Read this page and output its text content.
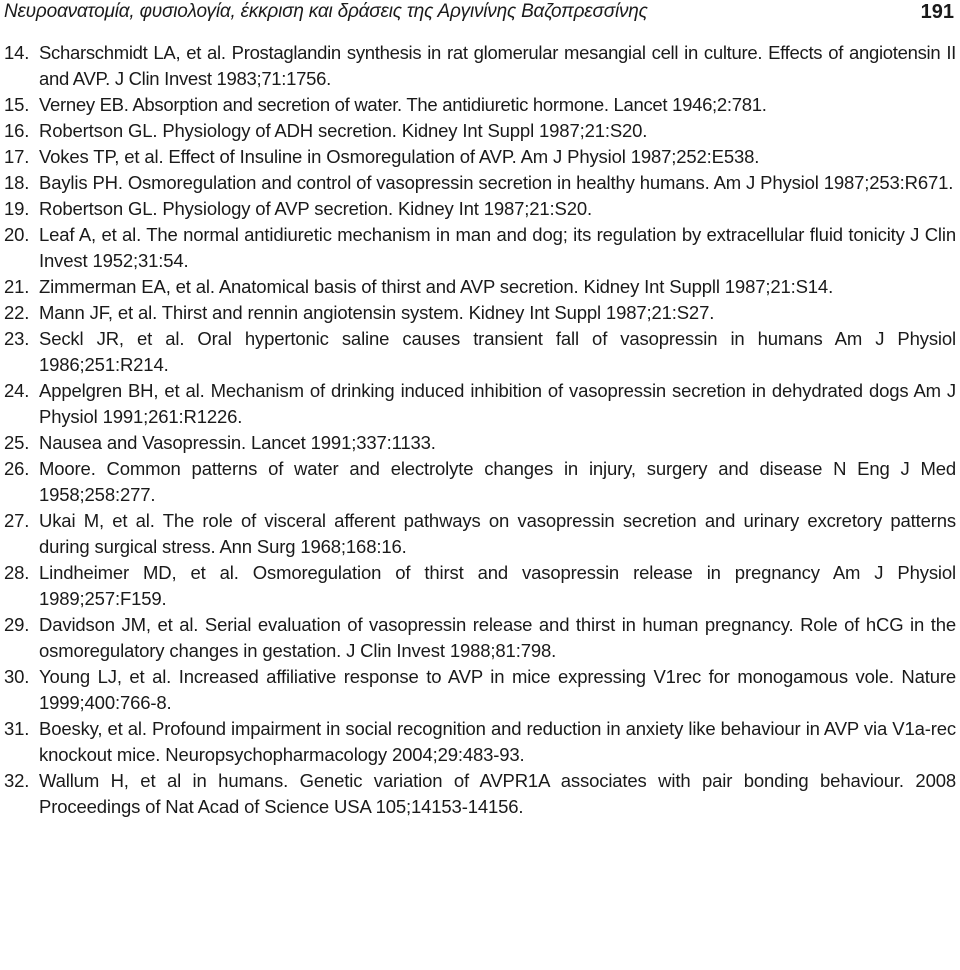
Νευροανατομία, φυσιολογία, έκκριση και δράσεις της Αργινίνης Βαζοπρεσσίνης	191
14. Scharschmidt LA, et al. Prostaglandin synthesis in rat glomerular mesangial cell in culture. Effects of angiotensin II and AVP. J Clin Invest 1983;71:1756.
15. Verney EB. Absorption and secretion of water. The antidiuretic hormone. Lancet 1946;2:781.
16. Robertson GL. Physiology of ADH secretion. Kidney Int Suppl 1987;21:S20.
17. Vokes TP, et al. Effect of Insuline in Osmoregulation of AVP. Am J Physiol 1987;252:E538.
18. Baylis PH. Osmoregulation and control of vasopressin secretion in healthy humans. Am J Physiol 1987;253:R671.
19. Robertson GL. Physiology of AVP secretion. Kidney Int 1987;21:S20.
20. Leaf A, et al. The normal antidiuretic mechanism in man and dog; its regulation by extracellular fluid tonicity J Clin Invest 1952;31:54.
21. Zimmerman EA, et al. Anatomical basis of thirst and AVP secretion. Kidney Int Suppll 1987;21:S14.
22. Mann JF, et al. Thirst and rennin angiotensin system. Kidney Int Suppl 1987;21:S27.
23. Seckl JR, et al. Oral hypertonic saline causes transient fall of vasopressin in humans Am J Physiol 1986;251:R214.
24. Appelgren BH, et al. Mechanism of drinking induced inhibition of vasopressin secretion in dehydrated dogs Am J Physiol 1991;261:R1226.
25. Nausea and Vasopressin. Lancet 1991;337:1133.
26. Moore. Common patterns of water and electrolyte changes in injury, surgery and disease N Eng J Med 1958;258:277.
27. Ukai M, et al. The role of visceral afferent pathways on vasopressin secretion and urinary excretory patterns during surgical stress. Ann Surg 1968;168:16.
28. Lindheimer MD, et al. Osmoregulation of thirst and vasopressin release in pregnancy Am J Physiol 1989;257:F159.
29. Davidson JM, et al. Serial evaluation of vasopressin release and thirst in human pregnancy. Role of hCG in the osmoregulatory changes in gestation. J Clin Invest 1988;81:798.
30. Young LJ, et al. Increased affiliative response to AVP in mice expressing V1rec for monogamous vole. Nature 1999;400:766-8.
31. Boesky, et al. Profound impairment in social recognition and reduction in anxiety like behaviour in AVP via V1a-rec knockout mice. Neuropsychopharmacology 2004;29:483-93.
32. Wallum H, et al in humans. Genetic variation of AVPR1A associates with pair bonding behaviour. 2008 Proceedings of Nat Acad of Science USA 105;14153-14156.
